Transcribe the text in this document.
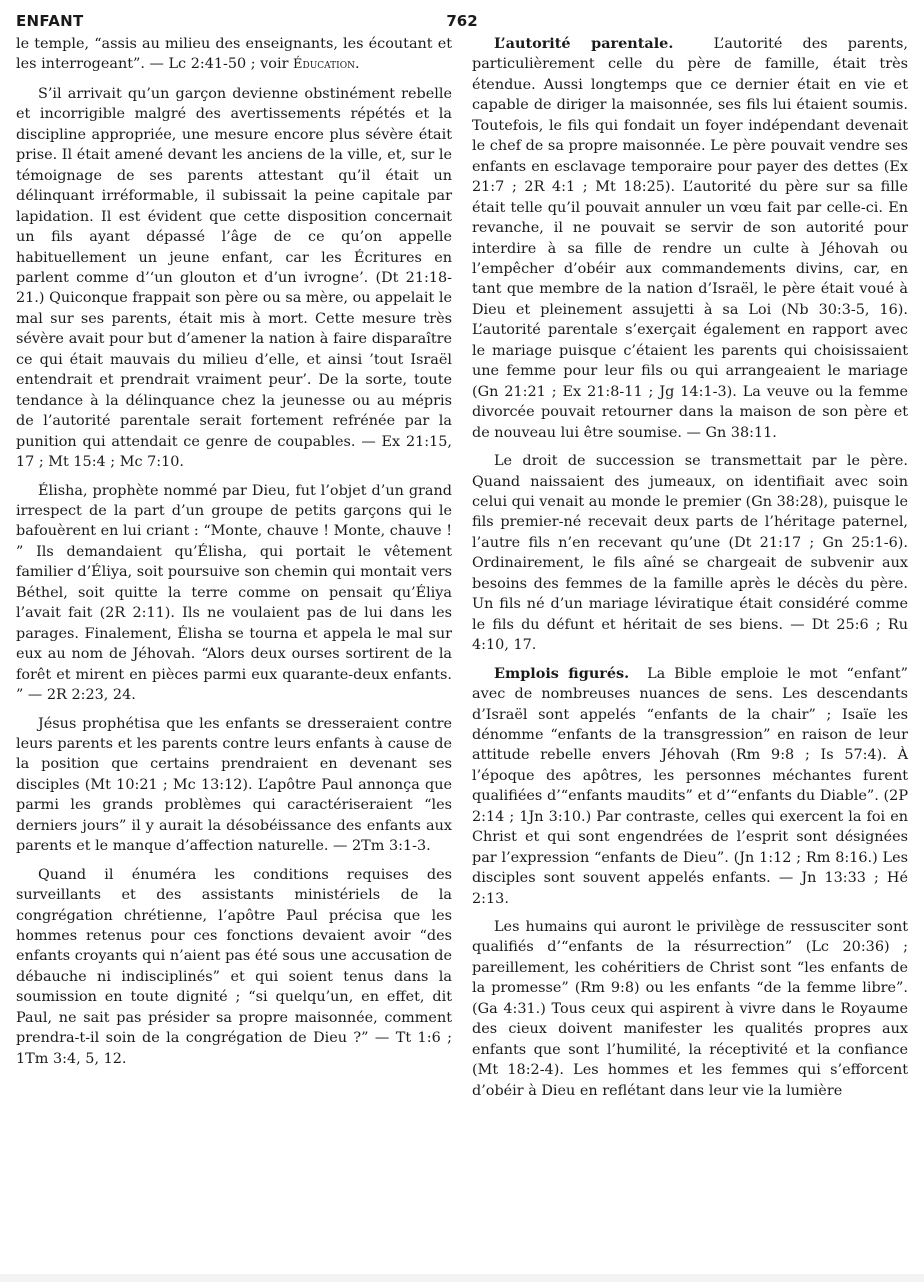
ENFANT	762

le temple, “assis au milieu des enseignants, les écoutant et les interrogeant”. — Lc 2:41-50 ; voir Éducation.

S’il arrivait qu’un garçon devienne obstinément rebelle et incorrigible malgré des avertissements répétés et la discipline appropriée, une mesure encore plus sévère était prise. Il était amené devant les anciens de la ville, et, sur le témoignage de ses parents attestant qu’il était un délinquant irréformable, il subissait la peine capitale par lapidation. Il est évident que cette disposition concernait un fils ayant dépassé l’âge de ce qu’on appelle habituellement un jeune enfant, car les Écritures en parlent comme d’‘un glouton et d’un ivrogne’. (Dt 21:18-21.) Quiconque frappait son père ou sa mère, ou appelait le mal sur ses parents, était mis à mort. Cette mesure très sévère avait pour but d’amener la nation à faire disparaître ce qui était mauvais du milieu d’elle, et ainsi ’tout Israël entendrait et prendrait vraiment peur’. De la sorte, toute tendance à la délinquance chez la jeunesse ou au mépris de l’autorité parentale serait fortement refrénée par la punition qui attendait ce genre de coupables. — Ex 21:15, 17 ; Mt 15:4 ; Mc 7:10.

Élisha, prophète nommé par Dieu, fut l’objet d’un grand irrespect de la part d’un groupe de petits garçons qui le bafouèrent en lui criant : “Monte, chauve ! Monte, chauve ! ” Ils demandaient qu’Élisha, qui portait le vêtement familier d’Éliya, soit poursuive son chemin qui montait vers Béthel, soit quitte la terre comme on pensait qu’Éliya l’avait fait (2R 2:11). Ils ne voulaient pas de lui dans les parages. Finalement, Élisha se tourna et appela le mal sur eux au nom de Jéhovah. “Alors deux ourses sortirent de la forêt et mirent en pièces parmi eux quarante-deux enfants. ” — 2R 2:23, 24.

Jésus prophétisa que les enfants se dresseraient contre leurs parents et les parents contre leurs enfants à cause de la position que certains prendraient en devenant ses disciples (Mt 10:21 ; Mc 13:12). L’apôtre Paul annonça que parmi les grands problèmes qui caractériseraient “les derniers jours” il y aurait la désobéissance des enfants aux parents et le manque d’affection naturelle. — 2Tm 3:1-3.

Quand il énuméra les conditions requises des surveillants et des assistants ministériels de la congrégation chrétienne, l’apôtre Paul précisa que les hommes retenus pour ces fonctions devaient avoir “des enfants croyants qui n’aient pas été sous une accusation de débauche ni indisciplinés” et qui soient tenus dans la soumission en toute dignité ; “si quelqu’un, en effet, dit Paul, ne sait pas présider sa propre maisonnée, comment prendra-t-il soin de la congrégation de Dieu ?” — Tt 1:6 ; 1Tm 3:4, 5, 12.

L’autorité parentale.	L’autorité des parents, particulièrement celle du père de famille, était très étendue. Aussi longtemps que ce dernier était en vie et capable de diriger la maisonnée, ses fils lui étaient soumis. Toutefois, le fils qui fondait un foyer indépendant devenait le chef de sa propre maisonnée. Le père pouvait vendre ses enfants en esclavage temporaire pour payer des dettes (Ex 21:7 ; 2R 4:1 ; Mt 18:25). L’autorité du père sur sa fille était telle qu’il pouvait annuler un vœu fait par celle-ci. En revanche, il ne pouvait se servir de son autorité pour interdire à sa fille de rendre un culte à Jéhovah ou l’empêcher d’obéir aux commandements divins, car, en tant que membre de la nation d’Israël, le père était voué à Dieu et pleinement assujetti à sa Loi (Nb 30:3-5, 16). L’autorité parentale s’exerçait également en rapport avec le mariage puisque c’étaient les parents qui choisissaient une femme pour leur fils ou qui arrangeaient le mariage (Gn 21:21 ; Ex 21:8-11 ; Jg 14:1-3). La veuve ou la femme divorcée pouvait retourner dans la maison de son père et de nouveau lui être soumise. — Gn 38:11.

Le droit de succession se transmettait par le père. Quand naissaient des jumeaux, on identifiait avec soin celui qui venait au monde le premier (Gn 38:28), puisque le fils premier-né recevait deux parts de l’héritage paternel, l’autre fils n’en recevant qu’une (Dt 21:17 ; Gn 25:1-6). Ordinairement, le fils aîné se chargeait de subvenir aux besoins des femmes de la famille après le décès du père. Un fils né d’un mariage léviratique était considéré comme le fils du défunt et héritait de ses biens. — Dt 25:6 ; Ru 4:10, 17.

Emplois figurés. La Bible emploie le mot “enfant” avec de nombreuses nuances de sens. Les descendants d’Israël sont appelés “enfants de la chair” ; Isaïe les dénomme “enfants de la transgression” en raison de leur attitude rebelle envers Jéhovah (Rm 9:8 ; Is 57:4). À l’époque des apôtres, les personnes méchantes furent qualifiées d’“enfants maudits” et d’“enfants du Diable”. (2P 2:14 ; 1Jn 3:10.) Par contraste, celles qui exercent la foi en Christ et qui sont engendrées de l’esprit sont désignées par l’expression “enfants de Dieu”. (Jn 1:12 ; Rm 8:16.) Les disciples sont souvent appelés enfants. — Jn 13:33 ; Hé 2:13.

Les humains qui auront le privilège de ressusciter sont qualifiés d’“enfants de la résurrection” (Lc 20:36) ; pareillement, les cohéritiers de Christ sont “les enfants de la promesse” (Rm 9:8) ou les enfants “de la femme libre”. (Ga 4:31.) Tous ceux qui aspirent à vivre dans le Royaume des cieux doivent manifester les qualités propres aux enfants que sont l’humilité, la réceptivité et la confiance (Mt 18:2-4). Les hommes et les femmes qui s’efforcent d’obéir à Dieu en reflétant dans leur vie la lumière
